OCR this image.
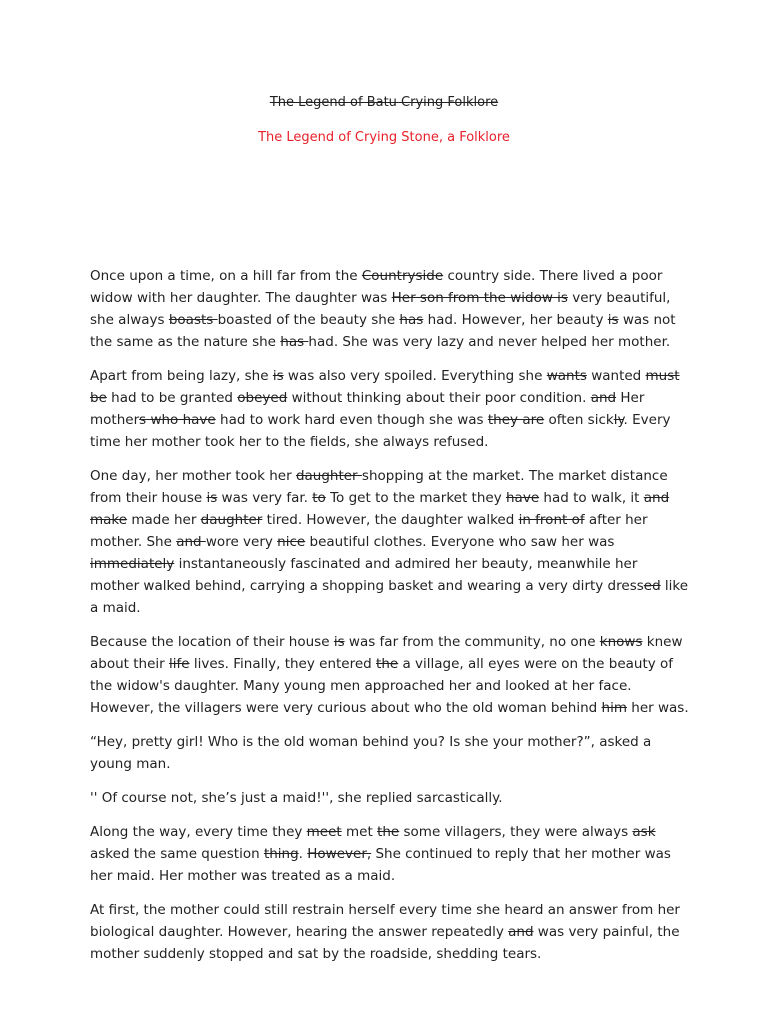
The Legend of Batu Crying Folklore
The Legend of Crying Stone, a Folklore

Once upon a time, on a hill far from the Countryside country side. There lived a poor widow with her daughter. The daughter was Her son from the widow is very beautiful, she always boasts boasted of the beauty she has had. However, her beauty is was not the same as the nature she has had. She was very lazy and never helped her mother.

Apart from being lazy, she is was also very spoiled. Everything she wants wanted must be had to be granted obeyed without thinking about their poor condition. and Her mothers who have had to work hard even though she was they are often sickly. Every time her mother took her to the fields, she always refused.

One day, her mother took her daughter shopping at the market. The market distance from their house is was very far. to To get to the market they have had to walk, it and make made her daughter tired. However, the daughter walked in front of after her mother. She and wore very nice beautiful clothes. Everyone who saw her was immediately instantaneously fascinated and admired her beauty, meanwhile her mother walked behind, carrying a shopping basket and wearing a very dirty dressed like a maid.

Because the location of their house is was far from the community, no one knows knew about their life lives. Finally, they entered the a village, all eyes were on the beauty of the widow's daughter. Many young men approached her and looked at her face. However, the villagers were very curious about who the old woman behind him her was.

“Hey, pretty girl! Who is the old woman behind you? Is she your mother?”, asked a young man.

'' Of course not, she’s just a maid!'', she replied sarcastically.

Along the way, every time they meet met the some villagers, they were always ask asked the same question thing. However, She continued to reply that her mother was her maid. Her mother was treated as a maid.

At first, the mother could still restrain herself every time she heard an answer from her biological daughter. However, hearing the answer repeatedly and was very painful, the mother suddenly stopped and sat by the roadside, shedding tears.
